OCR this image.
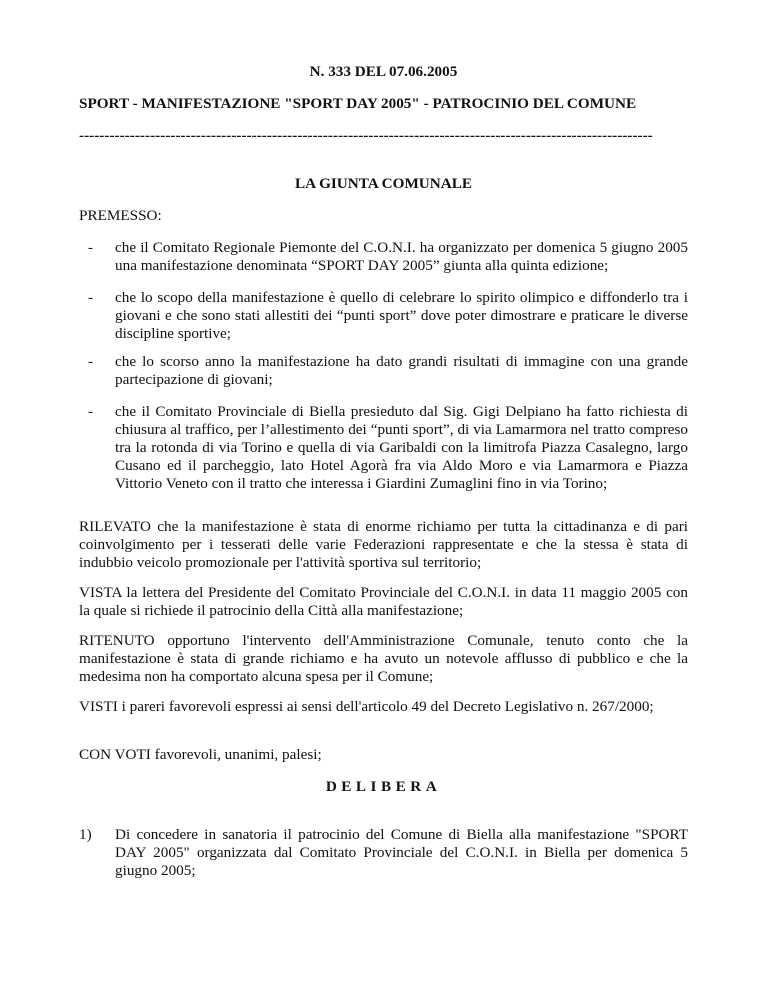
N. 333 DEL 07.06.2005
SPORT - MANIFESTAZIONE "SPORT DAY 2005" - PATROCINIO DEL COMUNE
-----------------------------------------------------------------------------------------------------------------
LA GIUNTA COMUNALE
PREMESSO:
- che il Comitato Regionale Piemonte del C.O.N.I. ha organizzato per domenica 5 giugno 2005 una manifestazione denominata “SPORT DAY 2005” giunta alla quinta edizione;
- che lo scopo della manifestazione è quello di celebrare lo spirito olimpico e diffonderlo tra i giovani e che sono stati allestiti dei “punti sport” dove poter dimostrare e praticare le diverse discipline sportive;
- che lo scorso anno la manifestazione ha dato grandi risultati di immagine con una grande partecipazione di giovani;
- che il Comitato Provinciale di Biella presieduto dal Sig. Gigi Delpiano ha fatto richiesta di chiusura al traffico, per l’allestimento dei “punti sport”, di via Lamarmora nel tratto compreso tra la rotonda di via Torino e quella di via Garibaldi con la limitrofa Piazza Casalegno, largo Cusano ed il parcheggio, lato Hotel Agorà fra via Aldo Moro e via Lamarmora e Piazza Vittorio Veneto con il tratto che interessa i Giardini Zumaglini fino in via Torino;
RILEVATO che la manifestazione è stata di enorme richiamo per tutta la cittadinanza e di pari coinvolgimento per i tesserati delle varie Federazioni rappresentate e che la stessa è stata di indubbio veicolo promozionale per l'attività sportiva sul territorio;
VISTA la lettera del Presidente del Comitato Provinciale del C.O.N.I. in data 11 maggio 2005 con la quale si richiede il patrocinio della Città alla manifestazione;
RITENUTO opportuno l'intervento dell'Amministrazione Comunale, tenuto conto che la manifestazione è stata di grande richiamo e ha avuto un notevole afflusso di pubblico e che la medesima non ha comportato alcuna spesa per il Comune;
VISTI i pareri favorevoli espressi ai sensi dell'articolo 49 del Decreto Legislativo n. 267/2000;
CON VOTI favorevoli, unanimi, palesi;
DELIBERA
1) Di concedere in sanatoria il patrocinio del Comune di Biella alla manifestazione "SPORT DAY 2005" organizzata dal Comitato Provinciale del C.O.N.I. in Biella per domenica 5 giugno 2005;
